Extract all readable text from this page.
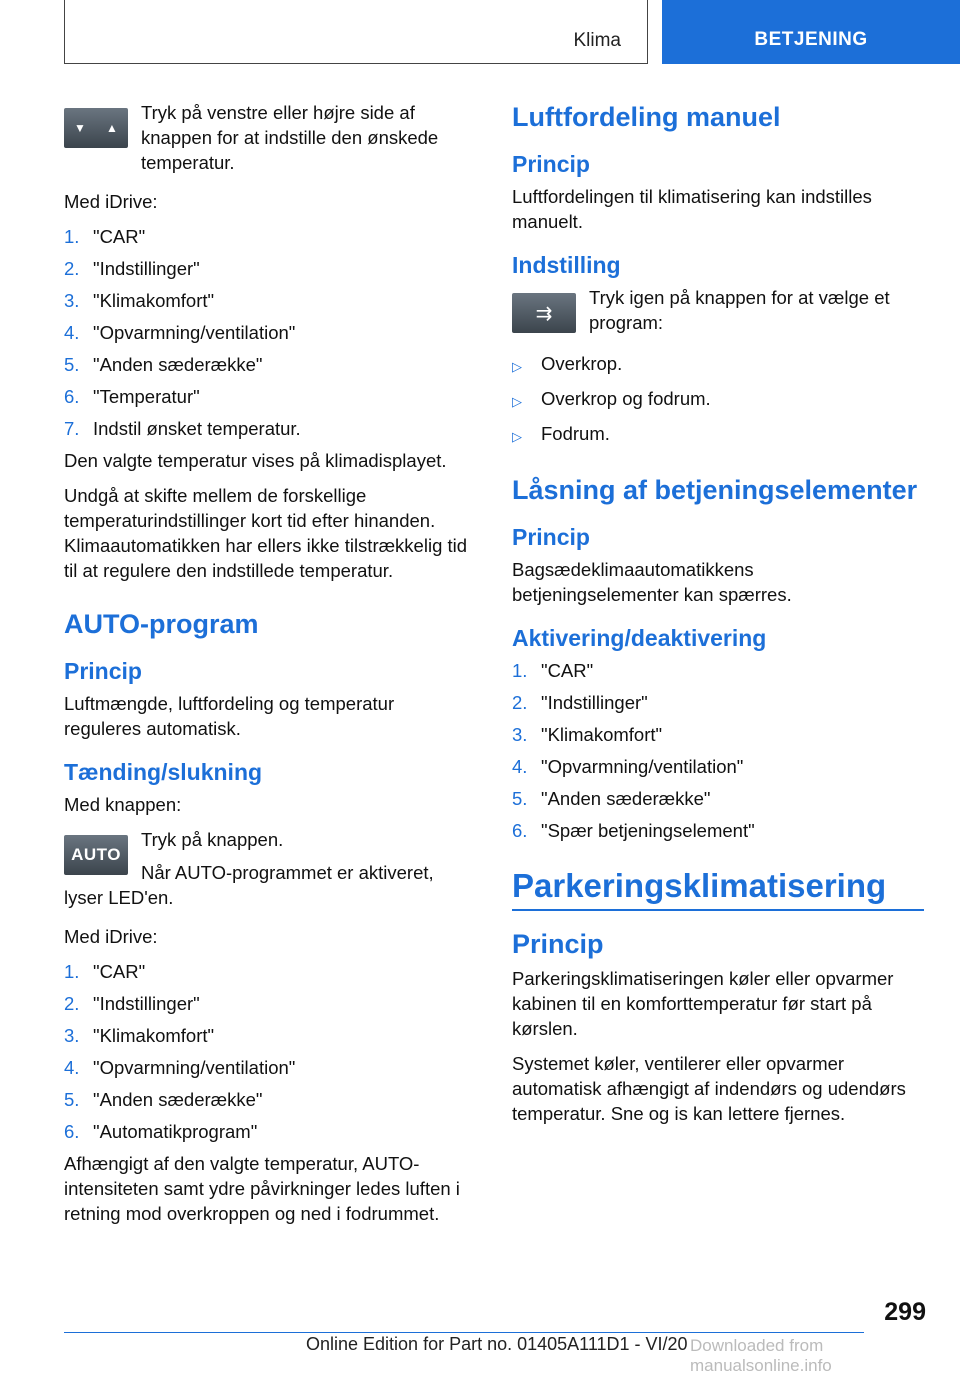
Klima	BETJENING
▼ ▲

Tryk på venstre eller højre side af knappen for at indstille den ønskede temperatur.

Med iDrive:

1. "CAR"
2. "Indstillinger"
3. "Klimakomfort"
4. "Opvarmning/ventilation"
5. "Anden sæderække"
6. "Temperatur"
7. Indstil ønsket temperatur.

Den valgte temperatur vises på klimadisplayet.

Undgå at skifte mellem de forskellige temperaturindstillinger kort tid efter hinanden. Klimaautomatikken har ellers ikke tilstrækkelig tid til at regulere den indstillede temperatur.

AUTO-program
Princip

Luftmængde, luftfordeling og temperatur reguleres automatisk.

Tænding/slukning

Med knappen:

AUTO

Tryk på knappen.

Når AUTO-programmet er aktiveret, lyser LED'en.

Med iDrive:

1. "CAR"
2. "Indstillinger"
3. "Klimakomfort"
4. "Opvarmning/ventilation"
5. "Anden sæderække"
6. "Automatikprogram"

Afhængigt af den valgte temperatur, AUTO-intensiteten samt ydre påvirkninger ledes luften i retning mod overkroppen og ned i fodrummet.

Luftfordeling manuel
Princip

Luftfordelingen til klimatisering kan indstilles manuelt.

Indstilling
⇉

Tryk igen på knappen for at vælge et program:

▷	Overkrop.
▷	Overkrop og fodrum.
▷	Fodrum.
Låsning af betjeningselementer
Princip

Bagsædeklimaautomatikkens betjeningselementer kan spærres.

Aktivering/deaktivering
1. "CAR"
2. "Indstillinger"
3. "Klimakomfort"
4. "Opvarmning/ventilation"
5. "Anden sæderække"
6. "Spær betjeningselement"
Parkeringsklimatisering
Princip

Parkeringsklimatiseringen køler eller opvarmer kabinen til en komforttemperatur før start på kørslen.

Systemet køler, ventilerer eller opvarmer automatisk afhængigt af indendørs og udendørs temperatur. Sne og is kan lettere fjernes.

299
Online Edition for Part no. 01405A111D1 - VI/20 Downloaded from manualsonline.info
